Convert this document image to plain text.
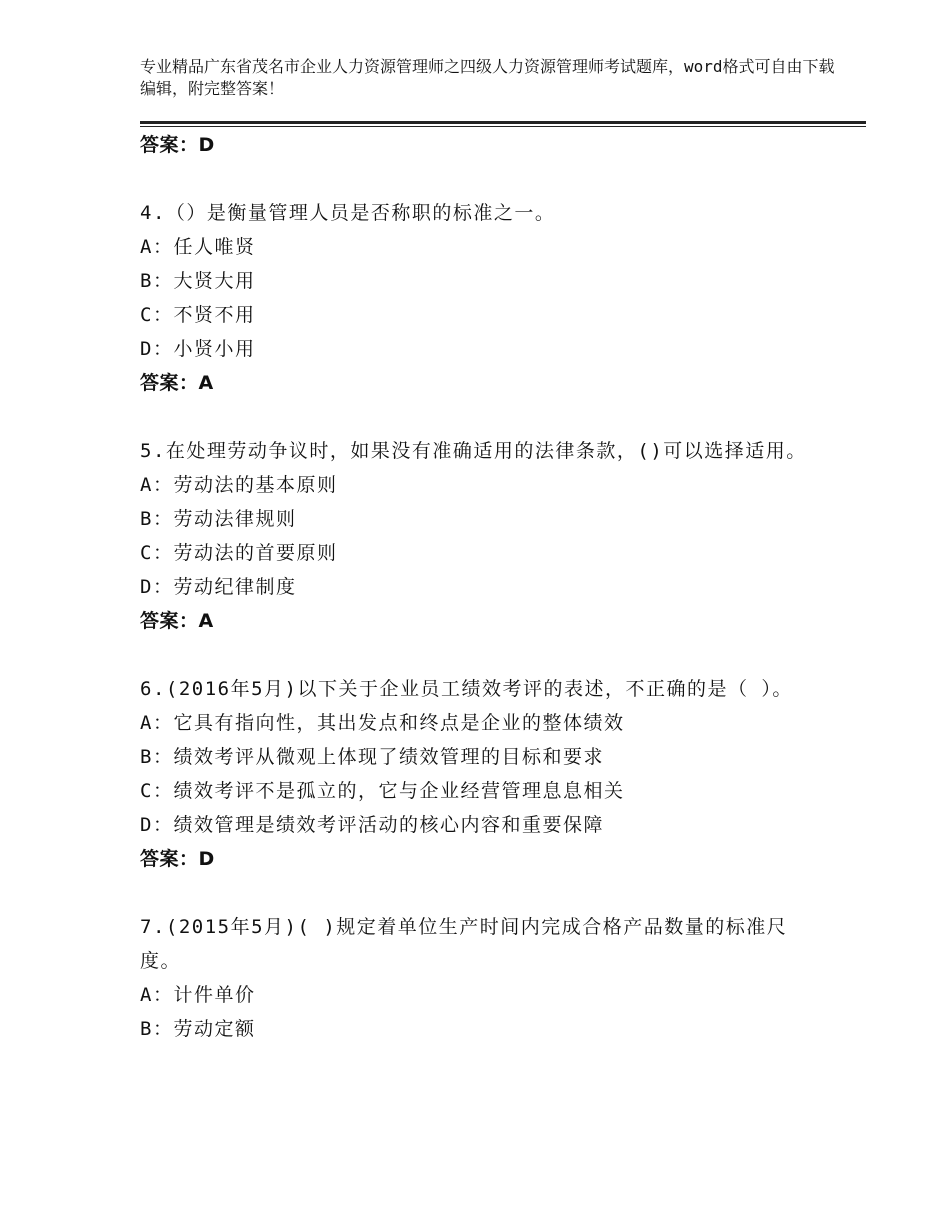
专业精品广东省茂名市企业人力资源管理师之四级人力资源管理师考试题库，word格式可自由下载编辑，附完整答案！
答案：D
4.（）是衡量管理人员是否称职的标准之一。
A：任人唯贤
B：大贤大用
C：不贤不用
D：小贤小用
答案：A
5.在处理劳动争议时，如果没有准确适用的法律条款，()可以选择适用。
A：劳动法的基本原则
B：劳动法律规则
C：劳动法的首要原则
D：劳动纪律制度
答案：A
6.(2016年5月)以下关于企业员工绩效考评的表述，不正确的是（ ）。
A：它具有指向性，其出发点和终点是企业的整体绩效
B：绩效考评从微观上体现了绩效管理的目标和要求
C：绩效考评不是孤立的，它与企业经营管理息息相关
D：绩效管理是绩效考评活动的核心内容和重要保障
答案：D
7.(2015年5月)( )规定着单位生产时间内完成合格产品数量的标准尺度。
A：计件单价
B：劳动定额
